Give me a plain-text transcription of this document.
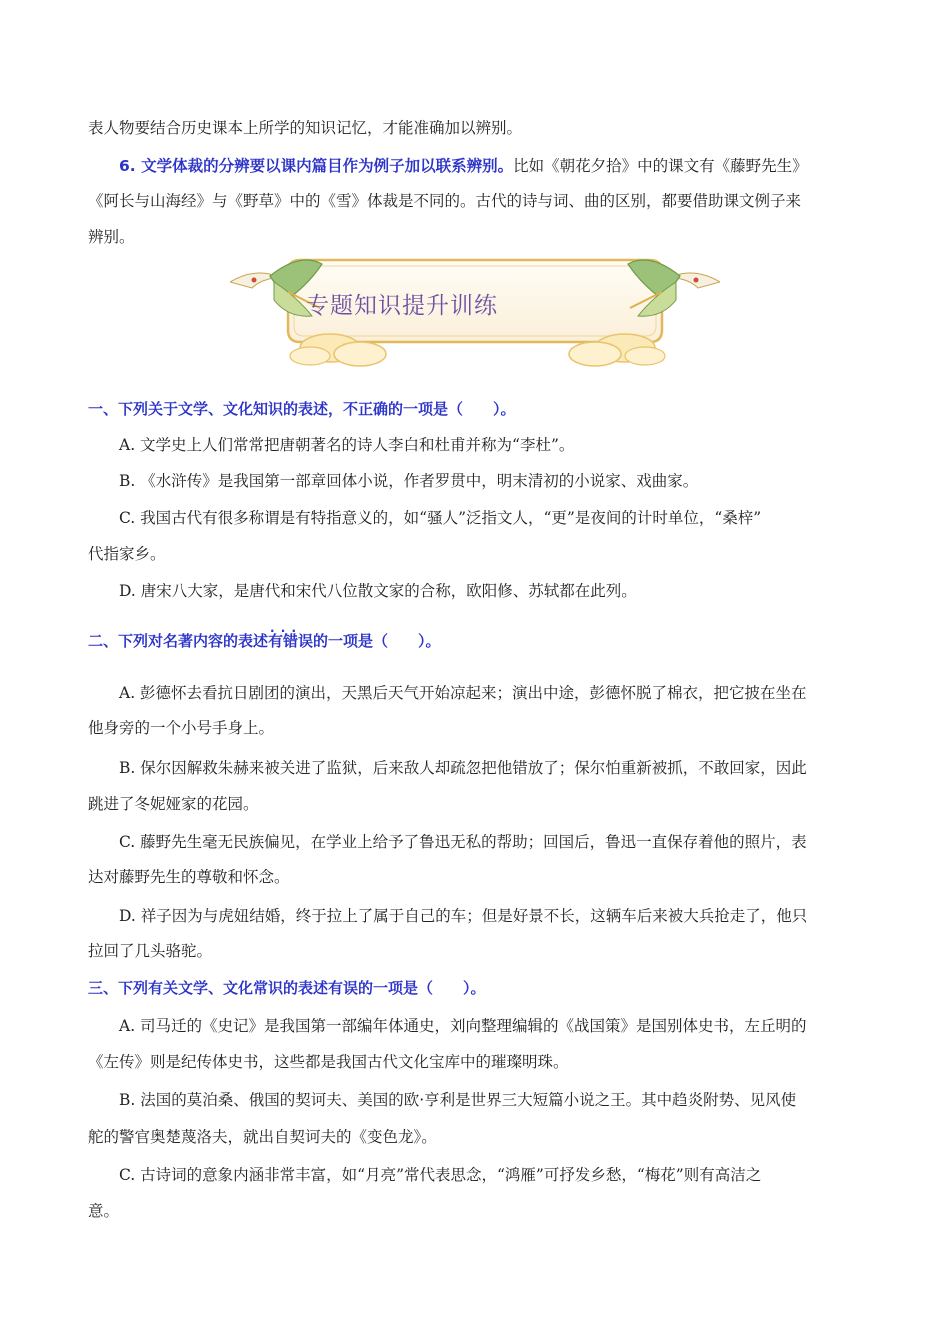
表人物要结合历史课本上所学的知识记忆，才能准确加以辨别。
6. 文学体裁的分辨要以课内篇目作为例子加以联系辨别。比如《朝花夕拾》中的课文有《藤野先生》
《阿长与山海经》与《野草》中的《雪》体裁是不同的。古代的诗与词、曲的区别，都要借助课文例子来
辨别。
专题知识提升训练
一、下列关于文学、文化知识的表述，不正确的一项是（　　）。
A. 文学史上人们常常把唐朝著名的诗人李白和杜甫并称为“李杜”。
B. 《水浒传》是我国第一部章回体小说，作者罗贯中，明末清初的小说家、戏曲家。
C. 我国古代有很多称谓是有特指意义的，如“骚人”泛指文人，“更”是夜间的计时单位，“桑梓”
代指家乡。
D. 唐宋八大家，是唐代和宋代八位散文家的合称，欧阳修、苏轼都在此列。
二、下列对名著内容的表述· · · 有错误的一项是（　　）。
A. 彭德怀去看抗日剧团的演出，天黑后天气开始凉起来；演出中途，彭德怀脱了棉衣，把它披在坐在
他身旁的一个小号手身上。
B. 保尔因解救朱赫来被关进了监狱，后来敌人却疏忽把他错放了；保尔怕重新被抓，不敢回家，因此
跳进了冬妮娅家的花园。
C. 藤野先生毫无民族偏见，在学业上给予了鲁迅无私的帮助；回国后，鲁迅一直保存着他的照片，表
达对藤野先生的尊敬和怀念。
D. 祥子因为与虎妞结婚，终于拉上了属于自己的车；但是好景不长，这辆车后来被大兵抢走了，他只
拉回了几头骆驼。
三、下列有关文学、文化常识的表述有误的一项是（　　）。
A. 司马迁的《史记》是我国第一部编年体通史，刘向整理编辑的《战国策》是国别体史书，左丘明的
《左传》则是纪传体史书，这些都是我国古代文化宝库中的璀璨明珠。
B. 法国的莫泊桑、俄国的契诃夫、美国的欧·亨利是世界三大短篇小说之王。其中趋炎附势、见风使
舵的警官奥楚蔑洛夫，就出自契诃夫的《变色龙》。
C. 古诗词的意象内涵非常丰富，如“月亮”常代表思念，“鸿雁”可抒发乡愁，“梅花”则有高洁之
意。
